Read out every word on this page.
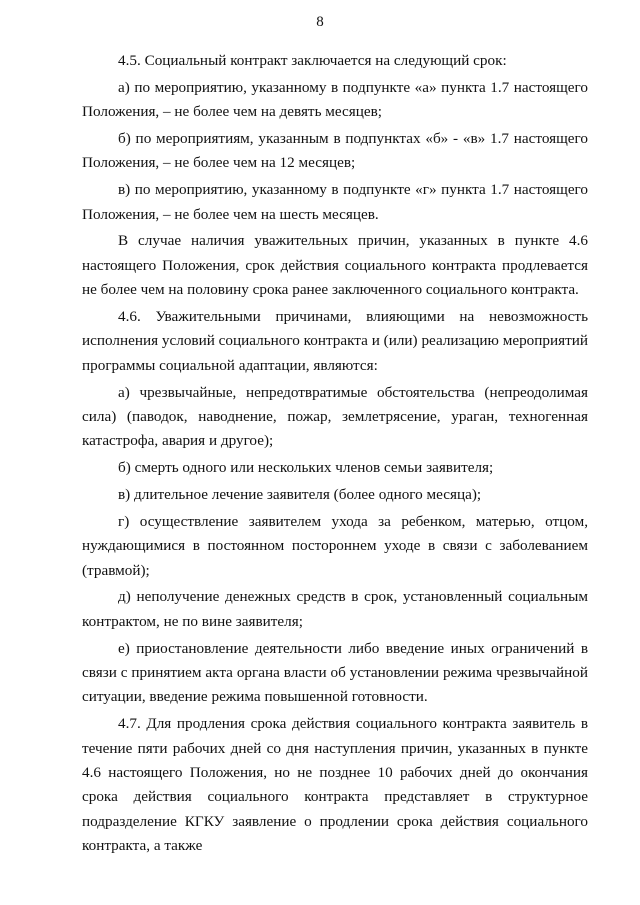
8

4.5. Социальный контракт заключается на следующий срок:

а) по мероприятию, указанному в подпункте «а» пункта 1.7 настоящего Положения, – не более чем на девять месяцев;

б) по мероприятиям, указанным в подпунктах «б» - «в» 1.7 настоящего Положения, – не более чем на 12 месяцев;

в) по мероприятию, указанному в подпункте «г» пункта 1.7 настоящего Положения, – не более чем на шесть месяцев.

В случае наличия уважительных причин, указанных в пункте 4.6 настоящего Положения, срок действия социального контракта продлевается не более чем на половину срока ранее заключенного социального контракта.

4.6. Уважительными причинами, влияющими на невозможность исполнения условий социального контракта и (или) реализацию мероприятий программы социальной адаптации, являются:

а) чрезвычайные, непредотвратимые обстоятельства (непреодолимая сила) (паводок, наводнение, пожар, землетрясение, ураган, техногенная катастрофа, авария и другое);

б) смерть одного или нескольких членов семьи заявителя;

в) длительное лечение заявителя (более одного месяца);

г) осуществление заявителем ухода за ребенком, матерью, отцом, нуждающимися в постоянном постороннем уходе в связи с заболеванием (травмой);

д) неполучение денежных средств в срок, установленный социальным контрактом, не по вине заявителя;

е) приостановление деятельности либо введение иных ограничений в связи с принятием акта органа власти об установлении режима чрезвычайной ситуации, введение режима повышенной готовности.

4.7. Для продления срока действия социального контракта заявитель в течение пяти рабочих дней со дня наступления причин, указанных в пункте 4.6 настоящего Положения, но не позднее 10 рабочих дней до окончания срока действия социального контракта представляет в структурное подразделение КГКУ заявление о продлении срока действия социального контракта, а также
